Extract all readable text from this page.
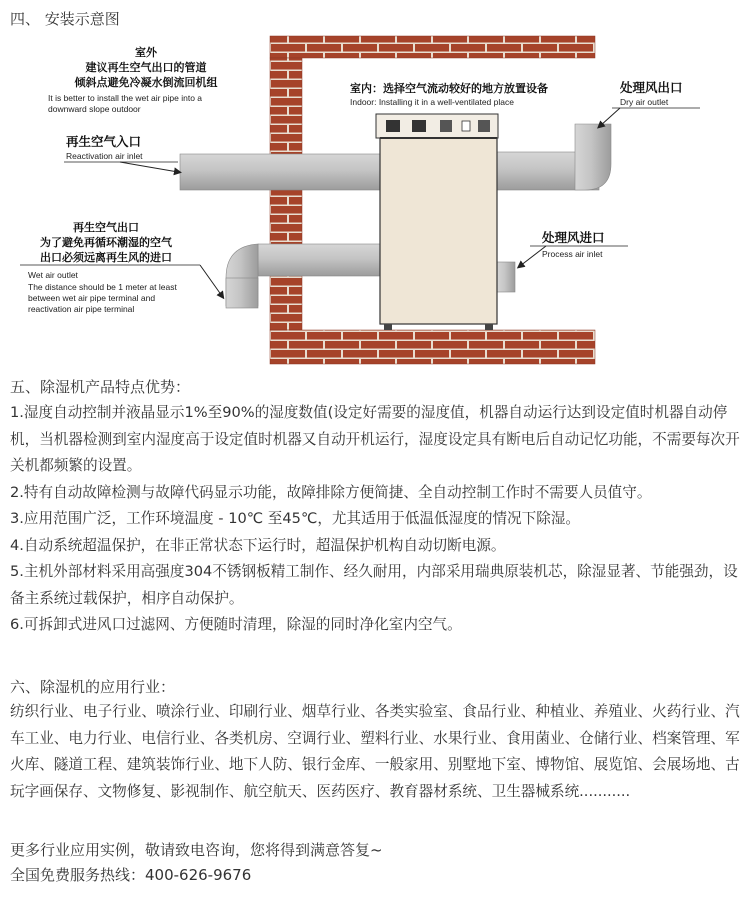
四、 安装示意图
室外
建议再生空气出口的管道
倾斜点避免冷凝水倒流回机组
It is better to install the wet air pipe into a
downward slope outdoor
再生空气入口
Reactivation air inlet
室内：选择空气流动较好的地方放置设备
Indoor: Installing it in a well-ventilated place
处理风出口
Dry air outlet
处理风进口
Process air inlet
再生空气出口
为了避免再循环潮湿的空气
出口必须远离再生风的进口
Wet air outlet
The distance should be 1 meter at least
between wet air pipe terminal and
reactivation air pipe terminal
五、除湿机产品特点优势：

1.湿度自动控制并液晶显示1%至90%的湿度数值(设定好需要的湿度值，机器自动运行达到设定值时机器自动停机，当机器检测到室内湿度高于设定值时机器又自动开机运行，湿度设定具有断电后自动记忆功能，不需要每次开关机都频繁的设置。

2.特有自动故障检测与故障代码显示功能，故障排除方便简捷、全自动控制工作时不需要人员值守。

3.应用范围广泛，工作环境温度 - 10℃ 至45℃，尤其适用于低温低湿度的情况下除湿。

4.自动系统超温保护，在非正常状态下运行时，超温保护机构自动切断电源。

5.主机外部材料采用高强度304不锈钢板精工制作、经久耐用，内部采用瑞典原装机芯，除湿显著、节能强劲，设备主系统过载保护，相序自动保护。

6.可拆卸式进风口过滤网、方便随时清理，除湿的同时净化室内空气。

六、除湿机的应用行业：
纺织行业、电子行业、喷涂行业、印刷行业、烟草行业、各类实验室、食品行业、种植业、养殖业、火药行业、汽车工业、电力行业、电信行业、各类机房、空调行业、塑料行业、水果行业、食用菌业、仓储行业、档案管理、军火库、隧道工程、建筑装饰行业、地下人防、银行金库、一般家用、别墅地下室、博物馆、展览馆、会展场地、古玩字画保存、文物修复、影视制作、航空航天、医药医疗、教育器材系统、卫生器械系统...........
更多行业应用实例，敬请致电咨询，您将得到满意答复~
全国免费服务热线：400-626-9676
